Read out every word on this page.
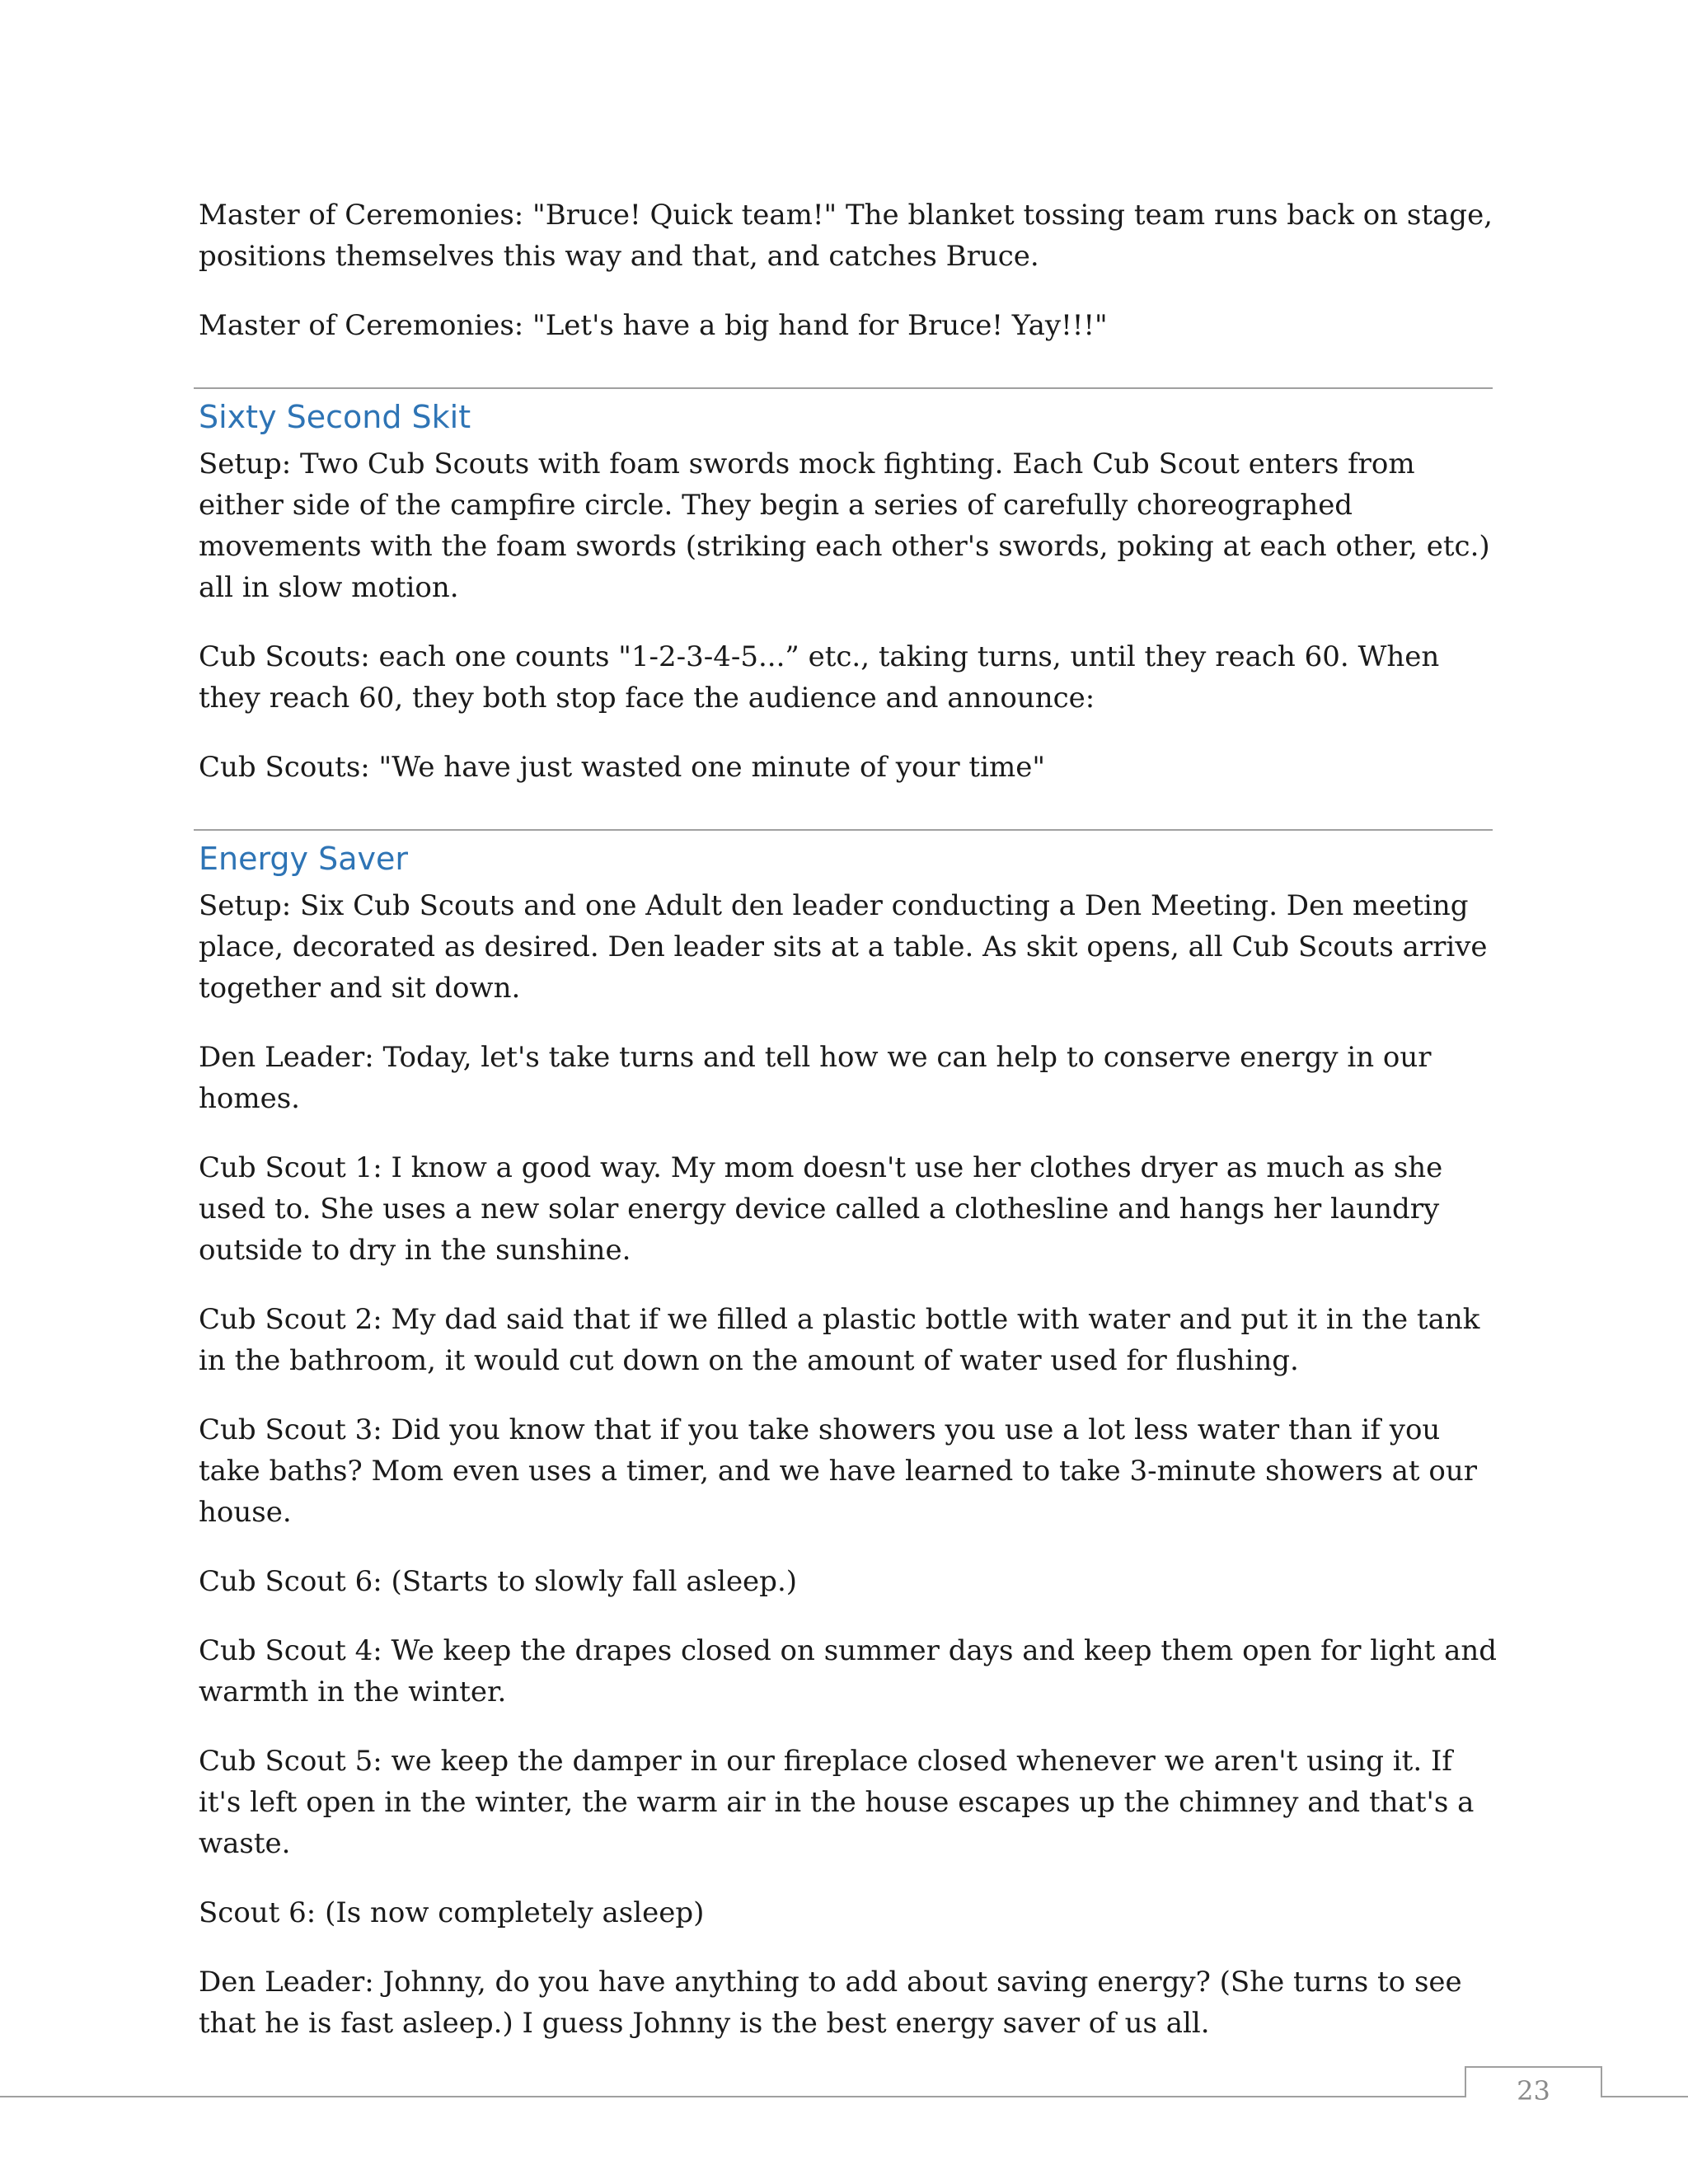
Master of Ceremonies: "Bruce! Quick team!" The blanket tossing team runs back on stage, positions themselves this way and that, and catches Bruce.

Master of Ceremonies: "Let's have a big hand for Bruce! Yay!!!"

Sixty Second Skit

Setup: Two Cub Scouts with foam swords mock fighting. Each Cub Scout enters from either side of the campfire circle. They begin a series of carefully choreographed movements with the foam swords (striking each other's swords, poking at each other, etc.) all in slow motion.

Cub Scouts: each one counts "1-2-3-4-5...” etc., taking turns, until they reach 60. When they reach 60, they both stop face the audience and announce:

Cub Scouts: "We have just wasted one minute of your time"

Energy Saver

Setup: Six Cub Scouts and one Adult den leader conducting a Den Meeting. Den meeting place, decorated as desired. Den leader sits at a table. As skit opens, all Cub Scouts arrive together and sit down.

Den Leader: Today, let's take turns and tell how we can help to conserve energy in our homes.

Cub Scout 1: I know a good way. My mom doesn't use her clothes dryer as much as she used to. She uses a new solar energy device called a clothesline and hangs her laundry outside to dry in the sunshine.

Cub Scout 2: My dad said that if we filled a plastic bottle with water and put it in the tank in the bathroom, it would cut down on the amount of water used for flushing.

Cub Scout 3: Did you know that if you take showers you use a lot less water than if you take baths? Mom even uses a timer, and we have learned to take 3-minute showers at our house.

Cub Scout 6: (Starts to slowly fall asleep.)

Cub Scout 4: We keep the drapes closed on summer days and keep them open for light and warmth in the winter.

Cub Scout 5: we keep the damper in our fireplace closed whenever we aren't using it. If it's left open in the winter, the warm air in the house escapes up the chimney and that's a waste.

Scout 6: (Is now completely asleep)

Den Leader: Johnny, do you have anything to add about saving energy? (She turns to see that he is fast asleep.) I guess Johnny is the best energy saver of us all.

23
